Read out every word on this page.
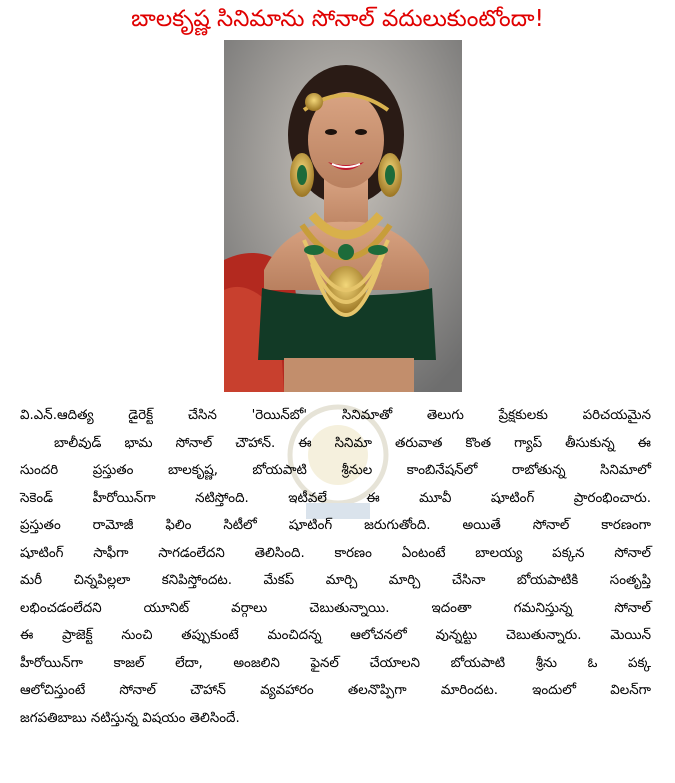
బాలకృష్ణ సినిమాను సోనాల్ వదులుకుంటోందా!
వి.ఎన్.ఆదిత్య డైరెక్ట్ చేసిన 'రెయిన్‌బో' సినిమాతో తెలుగు ప్రేక్షకులకు పరిచయమైన
బాలీవుడ్ భామ సోనాల్ చౌహాన్. ఈ సినిమా తరువాత కొంత గ్యాప్ తీసుకున్న ఈ
సుందరి ప్రస్తుతం బాలకృష్ణ, బోయపాటి శ్రీనుల కాంబినేషన్‌లో రాబోతున్న సినిమాలో
సెకెండ్ హీరోయిన్‌గా నటిస్తోంది. ఇటీవలే ఈ మూవీ షూటింగ్ ప్రారంభించారు.
ప్రస్తుతం రామోజీ ఫిలిం సిటీలో షూటింగ్ జరుగుతోంది. అయితే సోనాల్ కారణంగా
షూటింగ్ సాఫీగా సాగడంలేదని తెలిసింది. కారణం ఏంటంటే బాలయ్య పక్కన సోనాల్
మరీ చిన్నపిల్లలా కనిపిస్తోందట. మేకప్ మార్చి మార్చి చేసినా బోయపాటికి సంతృప్తి
లభించడంలేదని యూనిట్ వర్గాలు చెబుతున్నాయి. ఇదంతా గమనిస్తున్న సోనాల్
ఈ ప్రాజెక్ట్ నుంచి తప్పుకుంటే మంచిదన్న ఆలోచనలో వున్నట్టు చెబుతున్నారు. మెయిన్
హీరోయిన్‌గా కాజల్ లేదా, అంజలిని ఫైనల్ చేయాలని బోయపాటి శ్రీను ఓ పక్క
ఆలోచిస్తుంటే సోనాల్ చౌహాన్ వ్యవహారం తలనొప్పిగా మారిందట. ఇందులో విలన్‌గా
జగపతిబాబు నటిస్తున్న విషయం తెలిసిందే.
